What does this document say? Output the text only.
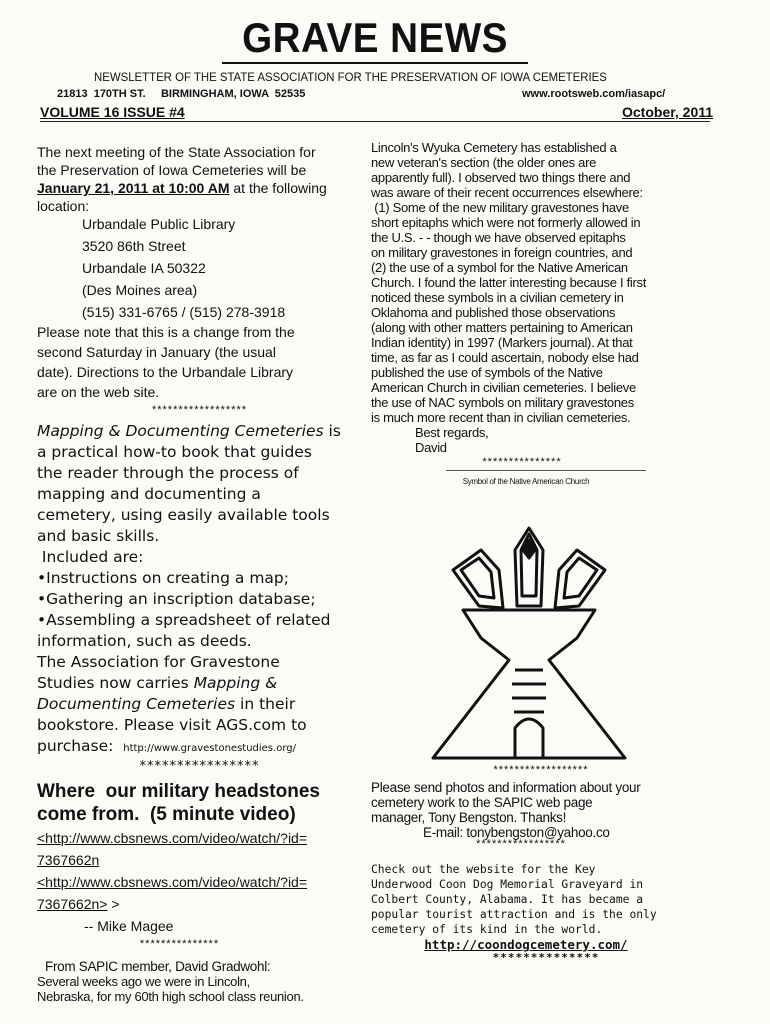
GRAVE NEWS
NEWSLETTER OF THE STATE ASSOCIATION FOR THE PRESERVATION OF IOWA CEMETERIES
21813  170TH ST.     BIRMINGHAM, IOWA  52535	www.rootsweb.com/iasapc/
VOLUME 16 ISSUE #4	October, 2011
The next meeting of the State Association for
the Preservation of Iowa Cemeteries will be
January 21, 2011 at 10:00 AM at the following
location:
Urbandale Public Library
3520 86th Street
Urbandale IA 50322
(Des Moines area)
(515) 331-6765 / (515) 278-3918
Please note that this is a change from the
second Saturday in January (the usual
date). Directions to the Urbandale Library
are on the web site.
******************
Mapping & Documenting Cemeteries is
a practical how-to book that guides
the reader through the process of
mapping and documenting a
cemetery, using easily available tools
and basic skills.
Included are:
•Instructions on creating a map;
•Gathering an inscription database;
•Assembling a spreadsheet of related
information, such as deeds.
The Association for Gravestone
Studies now carries Mapping &
Documenting Cemeteries in their
bookstore. Please visit AGS.com to
purchase:  http://www.gravestonestudies.org/
****************
Where  our military headstones
come from.  (5 minute video)
<http://www.cbsnews.com/video/watch/?id=
7367662n
<http://www.cbsnews.com/video/watch/?id=
7367662n> >
-- Mike Magee
***************
From SAPIC member, David Gradwohl:
Several weeks ago we were in Lincoln,
Nebraska, for my 60th high school class reunion.
Lincoln's Wyuka Cemetery has established a
new veteran's section (the older ones are
apparently full). I observed two things there and
was aware of their recent occurrences elsewhere:
(1) Some of the new military gravestones have
short epitaphs which were not formerly allowed in
the U.S. - - though we have observed epitaphs
on military gravestones in foreign countries, and
(2) the use of a symbol for the Native American
Church. I found the latter interesting because I first
noticed these symbols in a civilian cemetery in
Oklahoma and published those observations
(along with other matters pertaining to American
Indian identity) in 1997 (Markers journal). At that
time, as far as I could ascertain, nobody else had
published the use of symbols of the Native
American Church in civilian cemeteries. I believe
the use of NAC symbols on military gravestones
is much more recent than in civilian cemeteries.
Best regards,
David
***************
Symbol of the Native American Church
******************
Please send photos and information about your
cemetery work to the SAPIC web page
manager, Tony Bengston. Thanks!
E-mail: tonybengston@yahoo.co
*****************
Check out the website for the Key
Underwood Coon Dog Memorial Graveyard in
Colbert County, Alabama. It has became a
popular tourist attraction and is the only
cemetery of its kind in the world.
http://coondogcemetery.com/
**************
